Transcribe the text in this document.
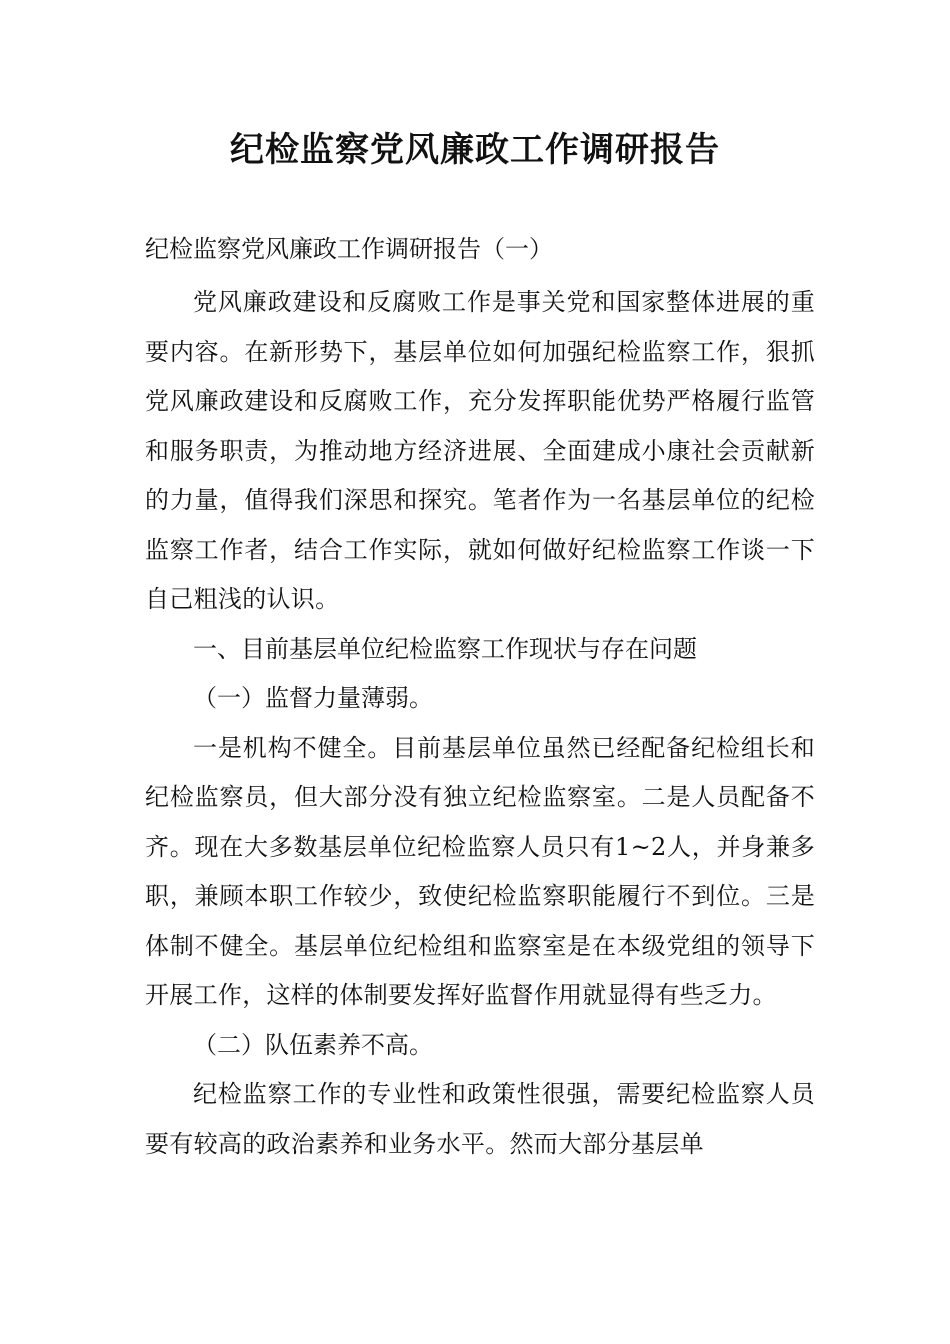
纪检监察党风廉政工作调研报告

纪检监察党风廉政工作调研报告（一）

党风廉政建设和反腐败工作是事关党和国家整体进展的重要内容。在新形势下，基层单位如何加强纪检监察工作，狠抓党风廉政建设和反腐败工作，充分发挥职能优势严格履行监管和服务职责，为推动地方经济进展、全面建成小康社会贡献新的力量，值得我们深思和探究。笔者作为一名基层单位的纪检监察工作者，结合工作实际，就如何做好纪检监察工作谈一下自己粗浅的认识。

一、目前基层单位纪检监察工作现状与存在问题

（一）监督力量薄弱。

一是机构不健全。目前基层单位虽然已经配备纪检组长和纪检监察员，但大部分没有独立纪检监察室。二是人员配备不齐。现在大多数基层单位纪检监察人员只有1~2人，并身兼多职，兼顾本职工作较少，致使纪检监察职能履行不到位。三是体制不健全。基层单位纪检组和监察室是在本级党组的领导下开展工作，这样的体制要发挥好监督作用就显得有些乏力。

（二）队伍素养不高。

纪检监察工作的专业性和政策性很强，需要纪检监察人员要有较高的政治素养和业务水平。然而大部分基层单
